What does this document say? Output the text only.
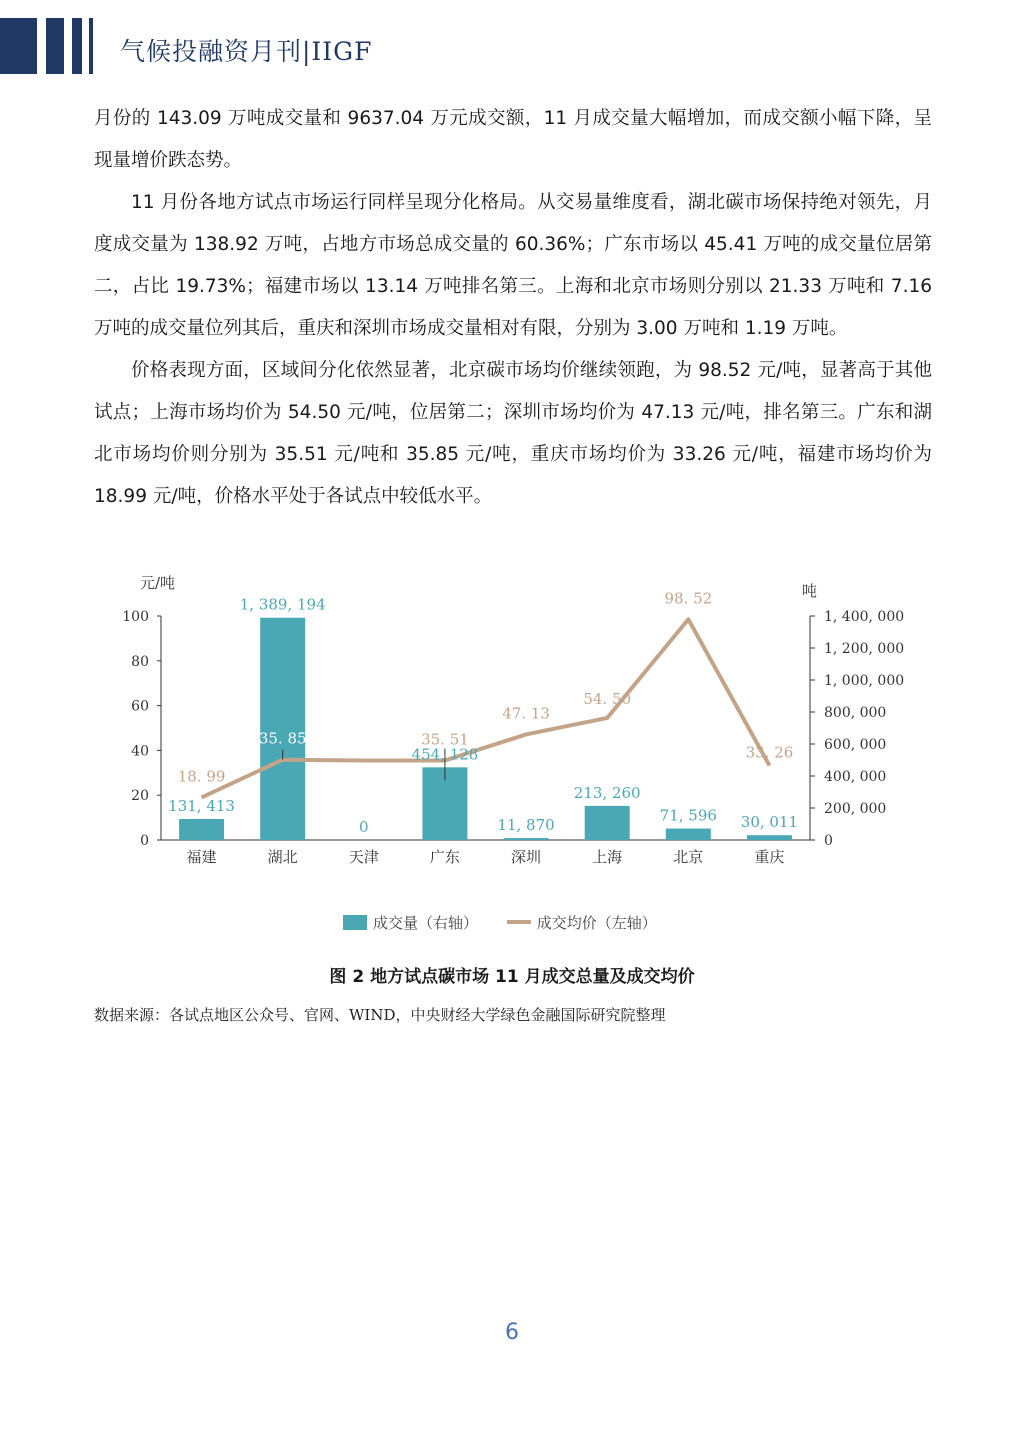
气候投融资月刊|IIGF

月份的 143.09 万吨成交量和 9637.04 万元成交额，11 月成交量大幅增加，而成交额小幅下降，呈现量增价跌态势。

11 月份各地方试点市场运行同样呈现分化格局。从交易量维度看，湖北碳市场保持绝对领先，月度成交量为 138.92 万吨，占地方市场总成交量的 60.36%；广东市场以 45.41 万吨的成交量位居第二，占比 19.73%；福建市场以 13.14 万吨排名第三。上海和北京市场则分别以 21.33 万吨和 7.16 万吨的成交量位列其后，重庆和深圳市场成交量相对有限，分别为 3.00 万吨和 1.19 万吨。

价格表现方面，区域间分化依然显著，北京碳市场均价继续领跑，为 98.52 元/吨，显著高于其他试点；上海市场均价为 54.50 元/吨，位居第二；深圳市场均价为 47.13 元/吨，排名第三。广东和湖北市场均价则分别为 35.51 元/吨和 35.85 元/吨，重庆市场均价为 33.26 元/吨，福建市场均价为 18.99 元/吨，价格水平处于各试点中较低水平。

0
20
40
60
80
100
0
200, 000
400, 000
600, 000
800, 000
1, 000, 000
1, 200, 000
1, 400, 000
元/吨	吨
福建	湖北	天津	广东	深圳	上海	北京	重庆
131, 413
1, 389, 194
0
454, 128
11, 870
213, 260
71, 596 30, 011
18. 99
35. 85	35. 51
47. 13
54. 50
98. 52
33. 26
成交量（右轴）	成交均价（左轴）
图 2 地方试点碳市场 11 月成交总量及成交均价
数据来源：各试点地区公众号、官网、WIND，中央财经大学绿色金融国际研究院整理
6
